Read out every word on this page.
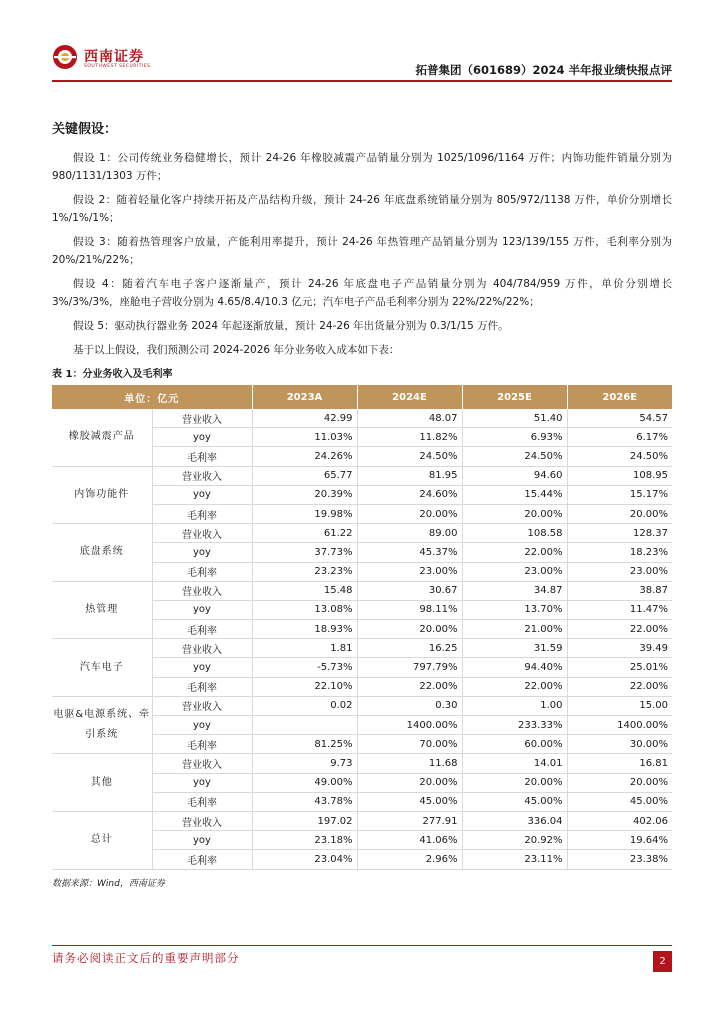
西南证券
SOUTHWEST SECURITIES	拓普集团（601689）2024 半年报业绩快报点评
关键假设：

假设 1：公司传统业务稳健增长，预计 24-26 年橡胶减震产品销量分别为 1025/1096/1164 万件；内饰功能件销量分别为 980/1131/1303 万件；

假设 2：随着轻量化客户持续开拓及产品结构升级，预计 24-26 年底盘系统销量分别为 805/972/1138 万件，单价分别增长 1%/1%/1%；

假设 3：随着热管理客户放量，产能利用率提升，预计 24-26 年热管理产品销量分别为 123/139/155 万件，毛利率分别为 20%/21%/22%；

假设 4：随着汽车电子客户逐渐量产，预计 24-26 年底盘电子产品销量分别为 404/784/959 万件，单价分别增长 3%/3%/3%，座舱电子营收分别为 4.65/8.4/10.3 亿元；汽车电子产品毛利率分别为 22%/22%/22%；

假设 5：驱动执行器业务 2024 年起逐渐放量，预计 24-26 年出货量分别为 0.3/1/15 万件。

基于以上假设，我们预测公司 2024-2026 年分业务收入成本如下表：

表 1：分业务收入及毛利率
单位：亿元		2023A	2024E	2025E	2026E
橡胶减震产品	营业收入	42.99	48.07	51.40	54.57
	yoy	11.03%	11.82%	6.93%	6.17%
	毛利率	24.26%	24.50%	24.50%	24.50%
内饰功能件	营业收入	65.77	81.95	94.60	108.95
	yoy	20.39%	24.60%	15.44%	15.17%
	毛利率	19.98%	20.00%	20.00%	20.00%
底盘系统	营业收入	61.22	89.00	108.58	128.37
	yoy	37.73%	45.37%	22.00%	18.23%
	毛利率	23.23%	23.00%	23.00%	23.00%
热管理	营业收入	15.48	30.67	34.87	38.87
	yoy	13.08%	98.11%	13.70%	11.47%
	毛利率	18.93%	20.00%	21.00%	22.00%
汽车电子	营业收入	1.81	16.25	31.59	39.49
	yoy	-5.73%	797.79%	94.40%	25.01%
	毛利率	22.10%	22.00%	22.00%	22.00%
电驱&电源系统、牵引系统	营业收入	0.02	0.30	1.00	15.00
	yoy		1400.00%	233.33%	1400.00%
	毛利率	81.25%	70.00%	60.00%	30.00%
其他	营业收入	9.73	11.68	14.01	16.81
	yoy	49.00%	20.00%	20.00%	20.00%
	毛利率	43.78%	45.00%	45.00%	45.00%
总计	营业收入	197.02	277.91	336.04	402.06
	yoy	23.18%	41.06%	20.92%	19.64%
	毛利率	23.04%	2.96%	23.11%	23.38%
数据来源：Wind，西南证券
请务必阅读正文后的重要声明部分	2
